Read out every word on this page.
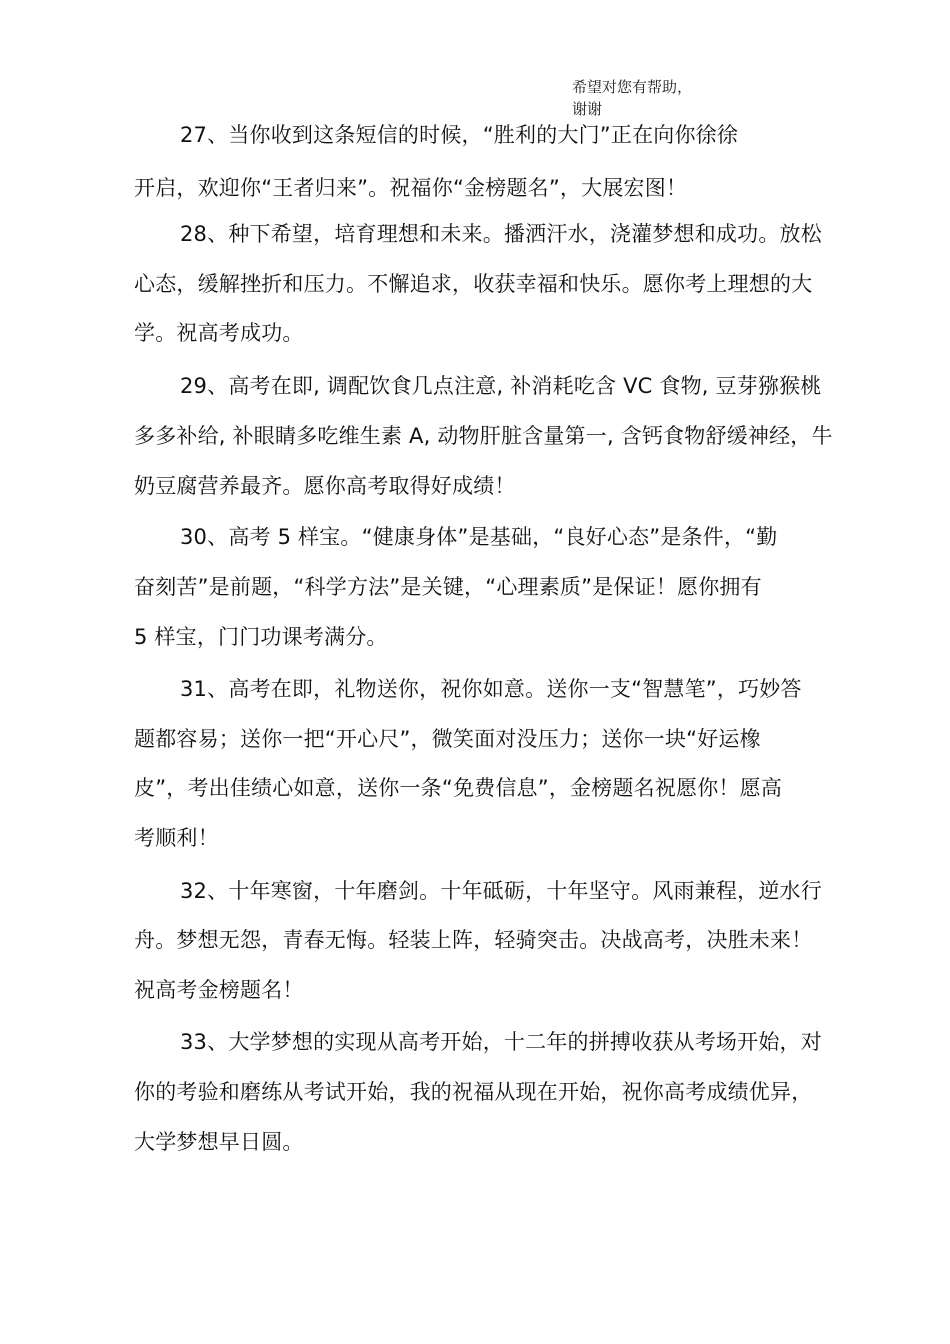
希望对您有帮助，
谢谢
27、当你收到这条短信的时候，“胜利的大门”正在向你徐徐
开启，欢迎你“王者归来”。祝福你“金榜题名”，大展宏图！
28、种下希望，培育理想和未来。播洒汗水，浇灌梦想和成功。放松
心态，缓解挫折和压力。不懈追求，收获幸福和快乐。愿你考上理想的大
学。祝高考成功。
29、高考在即, 调配饮食几点注意, 补消耗吃含 VC 食物, 豆芽猕猴桃
多多补给, 补眼睛多吃维生素 A, 动物肝脏含量第一, 含钙食物舒缓神经，牛
奶豆腐营养最齐。愿你高考取得好成绩！
30、高考 5 样宝。“健康身体”是基础，“良好心态”是条件，“勤
奋刻苦”是前题，“科学方法”是关键，“心理素质”是保证！愿你拥有
5 样宝，门门功课考满分。
31、高考在即，礼物送你，祝你如意。送你一支“智慧笔”，巧妙答
题都容易；送你一把“开心尺”，微笑面对没压力；送你一块“好运橡
皮”，考出佳绩心如意，送你一条“免费信息”，金榜题名祝愿你！愿高
考顺利！
32、十年寒窗，十年磨剑。十年砥砺，十年坚守。风雨兼程，逆水行
舟。梦想无怨，青春无悔。轻装上阵，轻骑突击。决战高考，决胜未来！
祝高考金榜题名！
33、大学梦想的实现从高考开始，十二年的拼搏收获从考场开始，对
你的考验和磨练从考试开始，我的祝福从现在开始，祝你高考成绩优异，
大学梦想早日圆。
